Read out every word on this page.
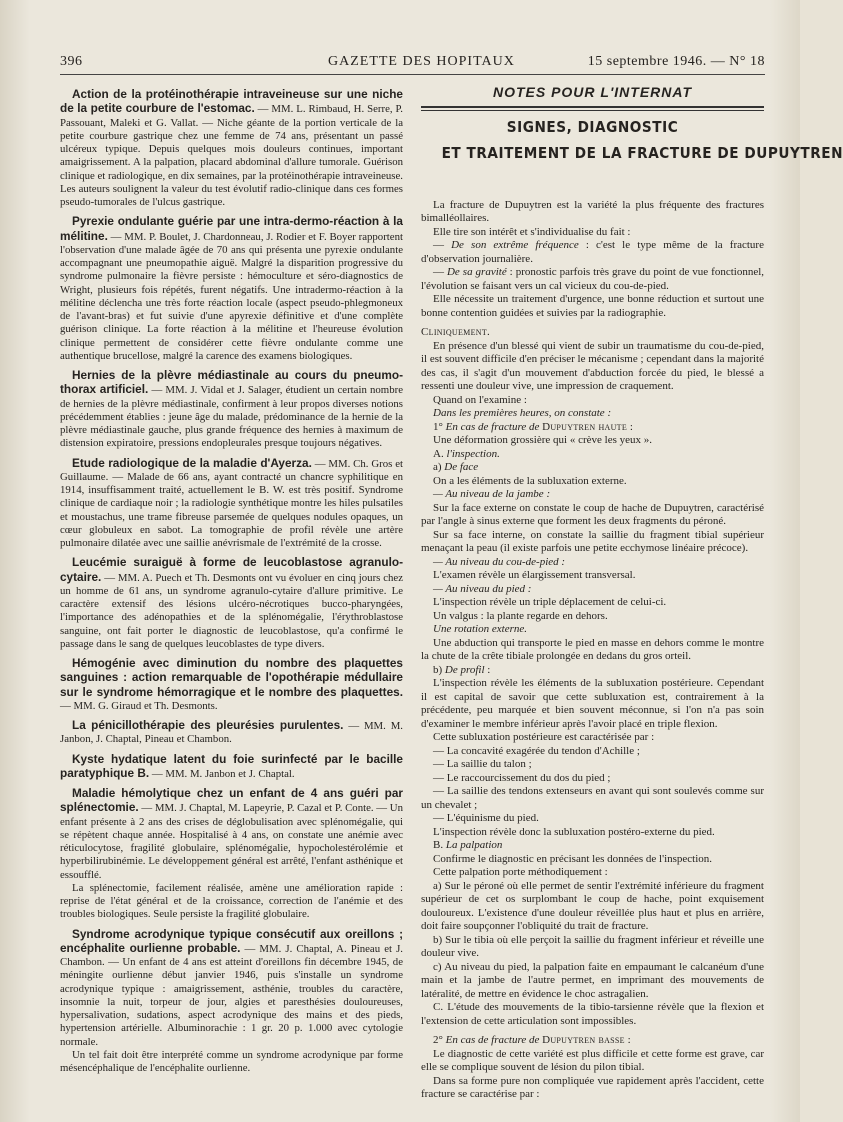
396	GAZETTE DES HOPITAUX	15 septembre 1946. — N° 18

Action de la protéinothérapie intraveineuse sur une niche de la petite courbure de l'estomac. — MM. L. Rimbaud, H. Serre, P. Passouant, Maleki et G. Vallat. — Niche géante de la portion verticale de la petite courbure gastrique chez une femme de 74 ans, présentant un passé ulcéreux typique. Depuis quelques mois douleurs continues, important amaigrissement. A la palpation, placard abdominal d'allure tumorale. Guérison clinique et radiologique, en dix semaines, par la protéinothérapie intraveineuse. Les auteurs soulignent la valeur du test évolutif radio-clinique dans ces formes pseudo-tumorales de l'ulcus gastrique.

Pyrexie ondulante guérie par une intra-dermo-réaction à la mélitine. — MM. P. Boulet, J. Chardonneau, J. Rodier et F. Boyer rapportent l'observation d'une malade âgée de 70 ans qui présenta une pyrexie ondulante accompagnant une pneumopathie aiguë. Malgré la disparition progressive du syndrome pulmonaire la fièvre persiste : hémoculture et séro-diagnostics de Wright, plusieurs fois répétés, furent négatifs. Une intradermo-réaction à la mélitine déclencha une très forte réaction locale (aspect pseudo-phlegmoneux de l'avant-bras) et fut suivie d'une apyrexie définitive et d'une complète guérison clinique. La forte réaction à la mélitine et l'heureuse évolution clinique permettent de considérer cette fièvre ondulante comme une authentique brucellose, malgré la carence des examens biologiques.

Hernies de la plèvre médiastinale au cours du pneumo-thorax artificiel. — MM. J. Vidal et J. Salager, étudient un certain nombre de hernies de la plèvre médiastinale, confirment à leur propos diverses notions précédemment établies : jeune âge du malade, prédominance de la hernie de la plèvre médiastinale gauche, plus grande fréquence des hernies à maximum de distension expiratoire, pressions endopleurales presque toujours négatives.

Etude radiologique de la maladie d'Ayerza. — MM. Ch. Gros et Guillaume. — Malade de 66 ans, ayant contracté un chancre syphilitique en 1914, insuffisamment traité, actuellement le B. W. est très positif. Syndrome clinique de cardiaque noir ; la radiologie synthétique montre les hiles pulsatiles et moustachus, une trame fibreuse parsemée de quelques nodules opaques, un cœur globuleux en sabot. La tomographie de profil révèle une artère pulmonaire dilatée avec une saillie anévrismale de l'extrémité de la crosse.

Leucémie suraiguë à forme de leucoblastose agranulo-cytaire. — MM. A. Puech et Th. Desmonts ont vu évoluer en cinq jours chez un homme de 61 ans, un syndrome agranulo-cytaire d'allure primitive. Le caractère extensif des lésions ulcéro-nécrotiques bucco-pharyngées, l'importance des adénopathies et de la splénomégalie, l'érythroblastose sanguine, ont fait porter le diagnostic de leucoblastose, qu'a confirmé le passage dans le sang de quelques leucoblastes de type divers.

Hémogénie avec diminution du nombre des plaquettes sanguines : action remarquable de l'opothérapie médullaire sur le syndrome hémorragique et le nombre des plaquettes. — MM. G. Giraud et Th. Desmonts.

La pénicillothérapie des pleurésies purulentes. — MM. M. Janbon, J. Chaptal, Pineau et Chambon.

Kyste hydatique latent du foie surinfecté par le bacille paratyphique B. — MM. M. Janbon et J. Chaptal.

Maladie hémolytique chez un enfant de 4 ans guéri par splénectomie. — MM. J. Chaptal, M. Lapeyrie, P. Cazal et P. Conte. — Un enfant présente à 2 ans des crises de déglobulisation avec splénomégalie, qui se répètent chaque année. Hospitalisé à 4 ans, on constate une anémie avec réticulocytose, fragilité globulaire, splénomégalie, hypocholestérolémie et hyperbilirubinémie. Le développement général est arrêté, l'enfant asthénique et essoufflé.

La splénectomie, facilement réalisée, amène une amélioration rapide : reprise de l'état général et de la croissance, correction de l'anémie et des troubles biologiques. Seule persiste la fragilité globulaire.

Syndrome acrodynique typique consécutif aux oreillons ; encéphalite ourlienne probable. — MM. J. Chaptal, A. Pineau et J. Chambon. — Un enfant de 4 ans est atteint d'oreillons fin décembre 1945, de méningite ourlienne début janvier 1946, puis s'installe un syndrome acrodynique typique : amaigrissement, asthénie, troubles du caractère, insomnie la nuit, torpeur de jour, algies et paresthésies douloureuses, hypersalivation, sudations, aspect acrodynique des mains et des pieds, hypertension artérielle. Albuminorachie : 1 gr. 20 p. 1.000 avec cytologie normale.

Un tel fait doit être interprété comme un syndrome acrodynique par forme mésencéphalique de l'encéphalite ourlienne.

NOTES POUR L'INTERNAT
SIGNES, DIAGNOSTIC
ET TRAITEMENT DE LA FRACTURE DE DUPUYTREN

La fracture de Dupuytren est la variété la plus fréquente des fractures bimalléollaires.

Elle tire son intérêt et s'individualise du fait :

— De son extrême fréquence : c'est le type même de la fracture d'observation journalière.

— De sa gravité : pronostic parfois très grave du point de vue fonctionnel, l'évolution se faisant vers un cal vicieux du cou-de-pied.

Elle nécessite un traitement d'urgence, une bonne réduction et surtout une bonne contention guidées et suivies par la radiographie.

Cliniquement.

En présence d'un blessé qui vient de subir un traumatisme du cou-de-pied, il est souvent difficile d'en préciser le mécanisme ; cependant dans la majorité des cas, il s'agit d'un mouvement d'abduction forcée du pied, le blessé a ressenti une douleur vive, une impression de craquement.

Quand on l'examine :

Dans les premières heures, on constate :

1° En cas de fracture de Dupuytren haute :

Une déformation grossière qui « crève les yeux ».

A. l'inspection.

a) De face

On a les éléments de la subluxation externe.

— Au niveau de la jambe :

Sur la face externe on constate le coup de hache de Dupuytren, caractérisé par l'angle à sinus externe que forment les deux fragments du péroné.

Sur sa face interne, on constate la saillie du fragment tibial supérieur menaçant la peau (il existe parfois une petite ecchymose linéaire précoce).

— Au niveau du cou-de-pied :

L'examen révèle un élargissement transversal.

— Au niveau du pied :

L'inspection révèle un triple déplacement de celui-ci.

Un valgus : la plante regarde en dehors.

Une rotation externe.

Une abduction qui transporte le pied en masse en dehors comme le montre la chute de la crête tibiale prolongée en dedans du gros orteil.

b) De profil :

L'inspection révèle les éléments de la subluxation postérieure. Cependant il est capital de savoir que cette subluxation est, contrairement à la précédente, peu marquée et bien souvent méconnue, si l'on n'a pas soin d'examiner le membre inférieur après l'avoir placé en triple flexion.

Cette subluxation postérieure est caractérisée par :

— La concavité exagérée du tendon d'Achille ;

— La saillie du talon ;

— Le raccourcissement du dos du pied ;

— La saillie des tendons extenseurs en avant qui sont soulevés comme sur un chevalet ;

— L'équinisme du pied.

L'inspection révèle donc la subluxation postéro-externe du pied.

B. La palpation

Confirme le diagnostic en précisant les données de l'inspection.

Cette palpation porte méthodiquement :

a) Sur le péroné où elle permet de sentir l'extrémité inférieure du fragment supérieur de cet os surplombant le coup de hache, point exquisement douloureux. L'existence d'une douleur réveillée plus haut et plus en arrière, doit faire soupçonner l'obliquité du trait de fracture.

b) Sur le tibia où elle perçoit la saillie du fragment inférieur et réveille une douleur vive.

c) Au niveau du pied, la palpation faite en empaumant le calcanéum d'une main et la jambe de l'autre permet, en imprimant des mouvements de latéralité, de mettre en évidence le choc astragalien.

C. L'étude des mouvements de la tibio-tarsienne révèle que la flexion et l'extension de cette articulation sont impossibles.

2° En cas de fracture de Dupuytren basse :

Le diagnostic de cette variété est plus difficile et cette forme est grave, car elle se complique souvent de lésion du pilon tibial.

Dans sa forme pure non compliquée vue rapidement après l'accident, cette fracture se caractérise par :
